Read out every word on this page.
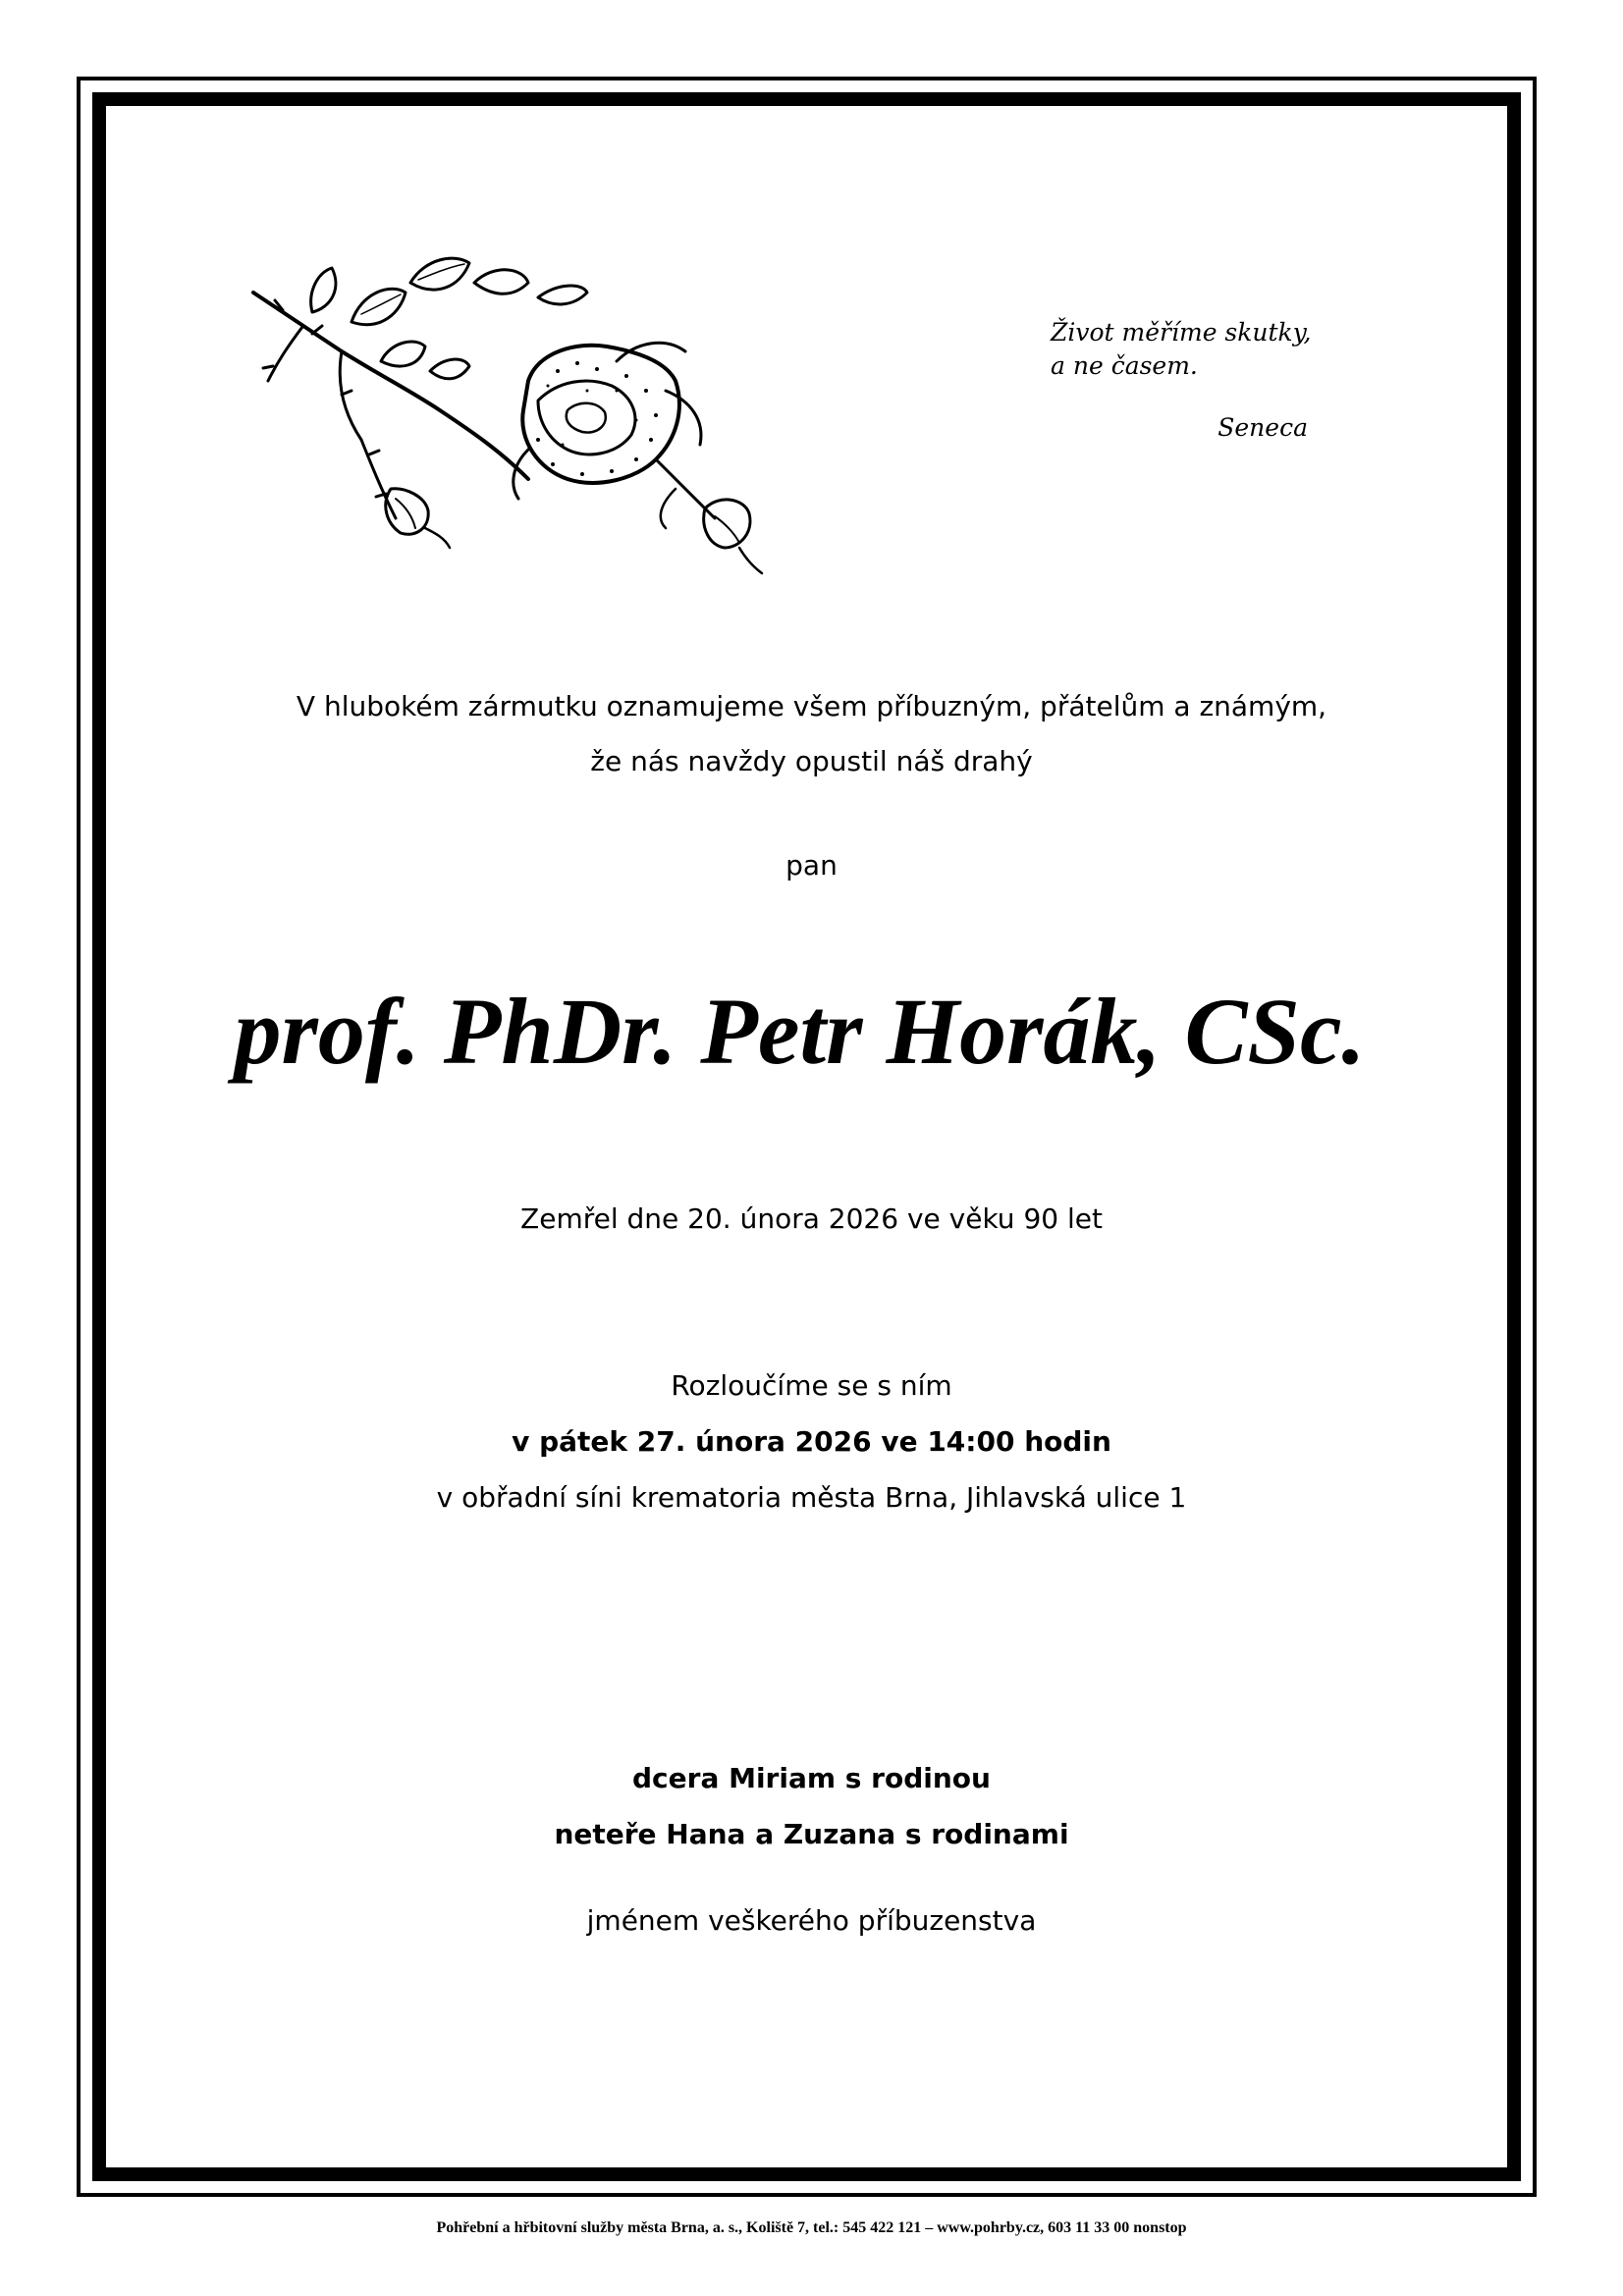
Život měříme skutky,
a ne časem.
Seneca
V hlubokém zármutku oznamujeme všem příbuzným, přátelům a známým,
že nás navždy opustil náš drahý
pan
prof. PhDr. Petr Horák, CSc.
Zemřel dne 20. února 2026 ve věku 90 let
Rozloučíme se s ním
v pátek 27. února 2026 ve 14:00 hodin
v obřadní síni krematoria města Brna, Jihlavská ulice 1
dcera Miriam s rodinou
neteře Hana a Zuzana s rodinami
jménem veškerého příbuzenstva
Pohřební a hřbitovní služby města Brna, a. s., Koliště 7, tel.: 545 422 121 – www.pohrby.cz, 603 11 33 00 nonstop
